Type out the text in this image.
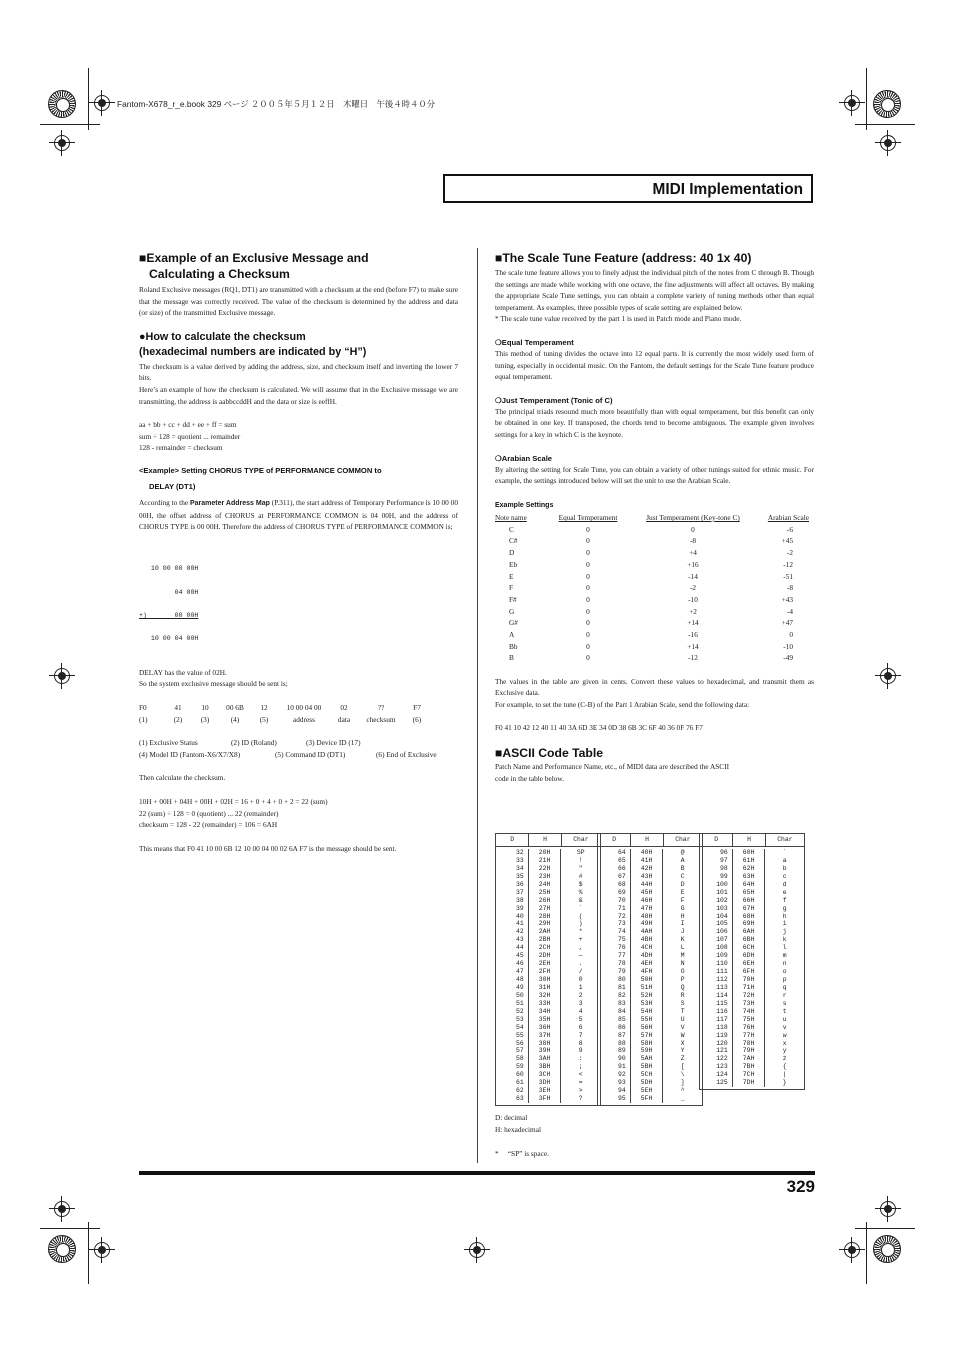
Fantom-X678_r_e.book 329 ページ ２００５年５月１２日　木曜日　午後４時４０分
MIDI Implementation
■Example of an Exclusive Message and
Calculating a Checksum
Roland Exclusive messages (RQ1, DT1) are transmitted with a checksum at the end (before F7) to make sure that the message was correctly received. The value of the checksum is determined by the address and data (or size) of the transmitted Exclusive message.
●How to calculate the checksum
(hexadecimal numbers are indicated by “H”)
The checksum is a value derived by adding the address, size, and checksum itself and inverting the lower 7 bits.
Here’s an example of how the checksum is calculated. We will assume that in the Exclusive message we are transmitting, the address is aabbccddH and the data or size is eeffH.
aa + bb + cc + dd + ee + ff = sum
sum ÷ 128 = quotient ... remainder
128 - remainder = checksum
<Example> Setting CHORUS TYPE of PERFORMANCE COMMON to
DELAY (DT1)
According to the Parameter Address Map (P.311), the start address of Temporary Performance is 10 00 00 00H, the offset address of CHORUS at PERFORMANCE COMMON is 04 00H, and the address of CHORUS TYPE is 00 00H. Therefore the address of CHORUS TYPE of PERFORMANCE COMMON is;

10 00 00 00H

04 00H

+)       00 00H

10 00 04 00H

DELAY has the value of 02H.
So the system exclusive message should be sent is;
F0	41	10	00 6B	12	10 00 04 00	02	??	F7
(1)	(2)	(3)	(4)	(5)	address	data	checksum	(6)
(1) Exclusive Status	(2) ID (Roland)	(3) Device ID (17)
(4) Model ID (Fantom-X6/X7/X8)	(5) Command ID (DT1)	(6) End of Exclusive
Then calculate the checksum.
10H + 00H + 04H + 00H + 02H = 16 + 0 + 4 + 0 + 2 = 22 (sum)
22 (sum) ÷ 128 = 0 (quotient) ... 22 (remainder)
checksum = 128 - 22 (remainder) = 106 = 6AH
This means that F0 41 10 00 6B 12 10 00 04 00 02 6A F7 is the message should be sent.
■The Scale Tune Feature (address: 40 1x 40)
The scale tune feature allows you to finely adjust the individual pitch of the notes from C through B. Though the settings are made while working with one octave, the fine adjustments will affect all octaves. By making the appropriate Scale Tune settings, you can obtain a complete variety of tuning methods other than equal temperament. As examples, three possible types of scale setting are explained below.
* The scale tune value received by the part 1 is used in Patch mode and Piano mode.
❍Equal Temperament
This method of tuning divides the octave into 12 equal parts. It is currently the most widely used form of tuning, especially in occidental music. On the Fantom, the default settings for the Scale Tune feature produce equal temperament.
❍Just Temperament (Tonic of C)
The principal triads resound much more beautifully than with equal temperament, but this benefit can only be obtained in one key. If transposed, the chords tend to become ambiguous. The example given involves settings for a key in which C is the keynote.
❍Arabian Scale
By altering the setting for Scale Tune, you can obtain a variety of other tunings suited for ethnic music. For example, the settings introduced below will set the unit to use the Arabian Scale.
Example Settings
Note name	Equal Temperament	Just Temperament (Key-tone C)	Arabian Scale
C	0	0	-6
C#	0	-8	+45
D	0	+4	-2
Eb	0	+16	-12
E	0	-14	-51
F	0	-2	-8
F#	0	-10	+43
G	0	+2	-4
G#	0	+14	+47
A	0	-16	0
Bb	0	+14	-10
B	0	-12	-49
The values in the table are given in cents. Convert these values to hexadecimal, and transmit them as Exclusive data.
For example, to set the tune (C-B) of the Part 1 Arabian Scale, send the following data:
F0 41 10 42 12 40 11 40 3A 6D 3E 34 0D 38 6B 3C 6F 40 36 0F 76 F7
■ASCII Code Table
Patch Name and Performance Name, etc., of MIDI data are described the ASCII
code in the table below.
D	H	Char
32	20H	SP
33	21H	!
34	22H	"
35	23H	#
36	24H	$
37	25H	%
38	26H	&
39	27H	`
40	28H	(
41	29H	)
42	2AH	*
43	2BH	+
44	2CH	,
45	2DH	—
46	2EH	.
47	2FH	/
48	30H	0
49	31H	1
50	32H	2
51	33H	3
52	34H	4
53	35H	5
54	36H	6
55	37H	7
56	38H	8
57	39H	9
58	3AH	:
59	3BH	;
60	3CH	<
61	3DH	=
62	3EH	>
63	3FH	?
D	H	Char
64	40H	@
65	41H	A
66	42H	B
67	43H	C
68	44H	D
69	45H	E
70	46H	F
71	47H	G
72	48H	H
73	49H	I
74	4AH	J
75	4BH	K
76	4CH	L
77	4DH	M
78	4EH	N
79	4FH	O
80	50H	P
81	51H	Q
82	52H	R
83	53H	S
84	54H	T
85	55H	U
86	56H	V
87	57H	W
88	58H	X
89	59H	Y
90	5AH	Z
91	5BH	[
92	5CH	\
93	5DH	]
94	5EH	^
95	5FH	_
D	H	Char
96	60H	`
97	61H	a
98	62H	b
99	63H	c
100	64H	d
101	65H	e
102	66H	f
103	67H	g
104	68H	h
105	69H	i
106	6AH	j
107	6BH	k
108	6CH	l
109	6DH	m
110	6EH	n
111	6FH	o
112	70H	p
113	71H	q
114	72H	r
115	73H	s
116	74H	t
117	75H	u
118	76H	v
119	77H	w
120	78H	x
121	79H	y
122	7AH	z
123	7BH	{
124	7CH	|
125	7DH	}
D: decimal
H: hexadecimal
*     “SP” is space.
329
